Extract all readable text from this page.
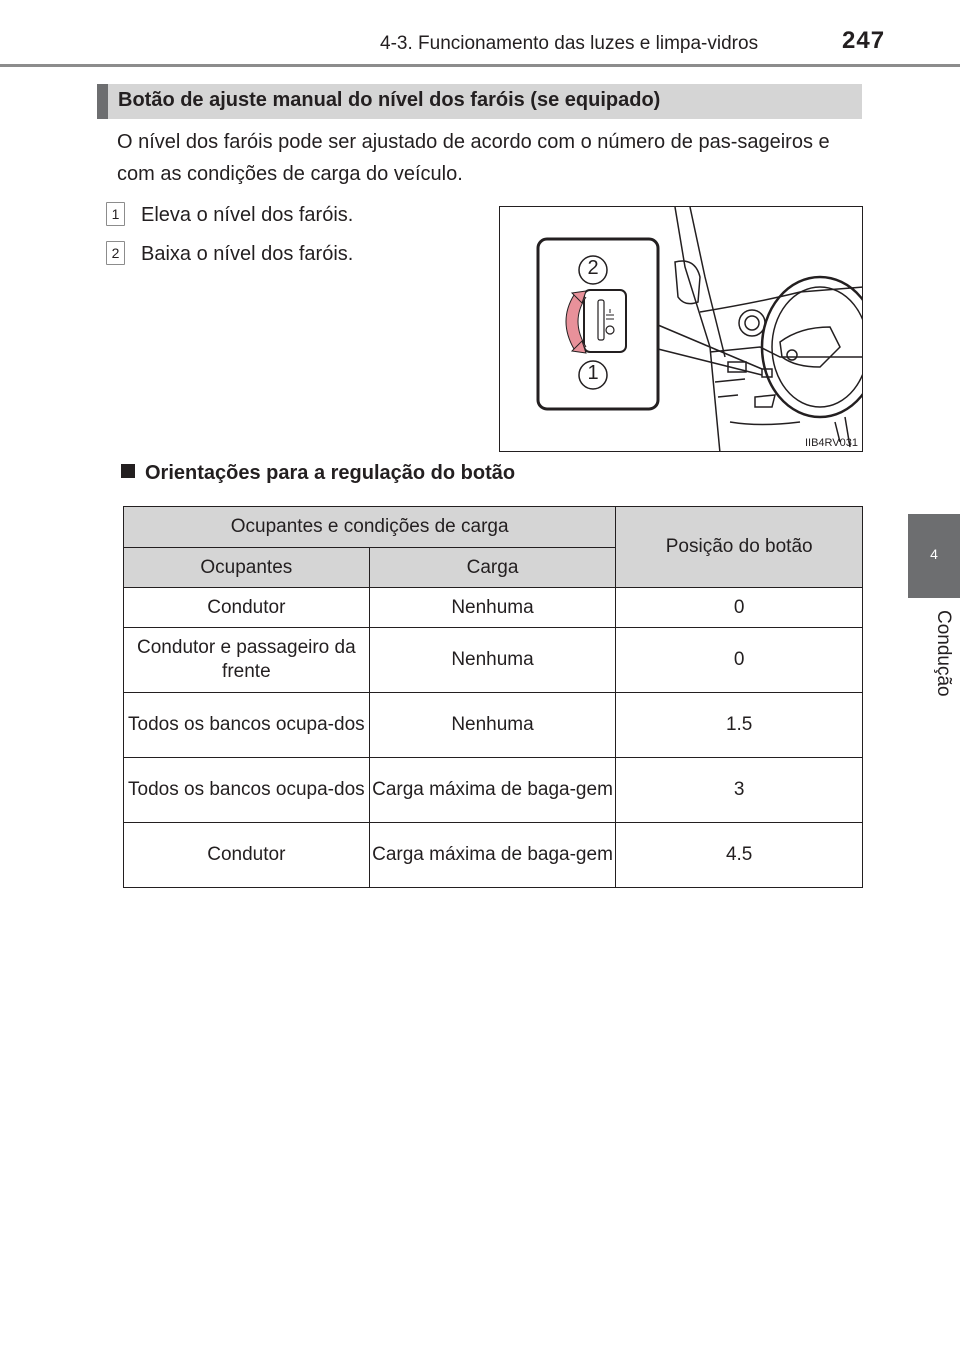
4-3. Funcionamento das luzes e limpa-vidros	247
4
Condução
Botão de ajuste manual do nível dos faróis (se equipado)
O nível dos faróis pode ser ajustado de acordo com o número de pas-sageiros e com as condições de carga do veículo.
1 Eleva o nível dos faróis.
2 Baixa o nível dos faróis.
2
1
IIB4RV031
Orientações para a regulação do botão
Ocupantes e condições de carga		Posição do botão
Ocupantes	Carga	
Condutor	Nenhuma	0
Condutor e passageiro da frente	Nenhuma	0
Todos os bancos ocupa-dos	Nenhuma	1.5
Todos os bancos ocupa-dos	Carga máxima de baga-gem	3
Condutor	Carga máxima de baga-gem	4.5
